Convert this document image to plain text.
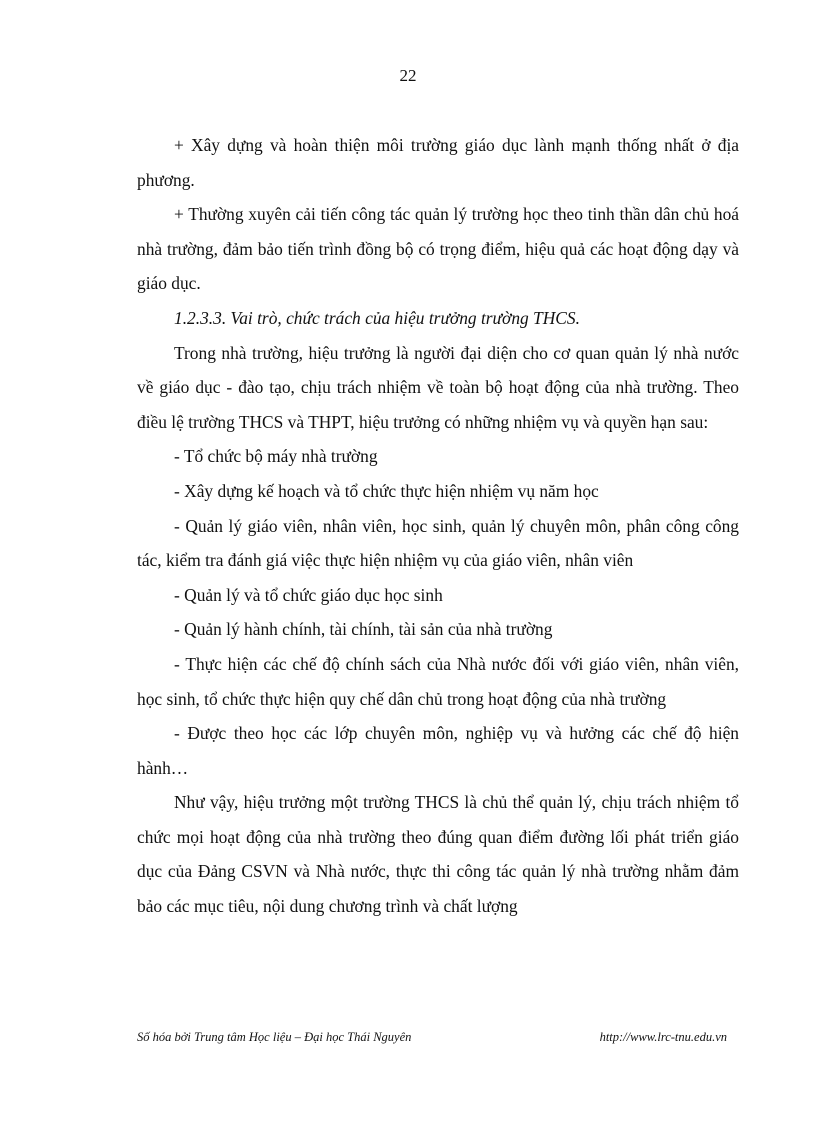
22

+ Xây dựng và hoàn thiện môi trường giáo dục lành mạnh thống nhất ở địa phương.

+ Thường xuyên cải tiến công tác quản lý trường học theo tinh thần dân chủ hoá nhà trường, đảm bảo tiến trình đồng bộ có trọng điểm, hiệu quả các hoạt động dạy và giáo dục.

1.2.3.3. Vai trò, chức trách của hiệu trưởng trường THCS.

Trong nhà trường, hiệu trưởng là người đại diện cho cơ quan quản lý nhà nước về giáo dục - đào tạo, chịu trách nhiệm về toàn bộ hoạt động của nhà trường. Theo điều lệ trường THCS và THPT, hiệu trưởng có những nhiệm vụ và quyền hạn sau:

- Tổ chức bộ máy nhà trường

- Xây dựng kế hoạch và tổ chức thực hiện nhiệm vụ năm học

- Quản lý giáo viên, nhân viên, học sinh, quản lý chuyên môn, phân công công tác, kiểm tra đánh giá việc thực hiện nhiệm vụ của giáo viên, nhân viên

- Quản lý và tổ chức giáo dục học sinh

- Quản lý hành chính, tài chính, tài sản của nhà trường

- Thực hiện các chế độ chính sách của Nhà nước đối với giáo viên, nhân viên, học sinh, tổ chức thực hiện quy chế dân chủ trong hoạt động của nhà trường

- Được theo học các lớp chuyên môn, nghiệp vụ và hưởng các chế độ hiện hành…

Như vậy, hiệu trưởng một trường THCS là chủ thể quản lý, chịu trách nhiệm tổ chức mọi hoạt động của nhà trường theo đúng quan điểm đường lối phát triển giáo dục của Đảng CSVN và Nhà nước, thực thi công tác quản lý nhà trường nhằm đảm bảo các mục tiêu, nội dung chương trình và chất lượng

Số hóa bởi Trung tâm Học liệu – Đại học Thái Nguyên	http://www.lrc-tnu.edu.vn
